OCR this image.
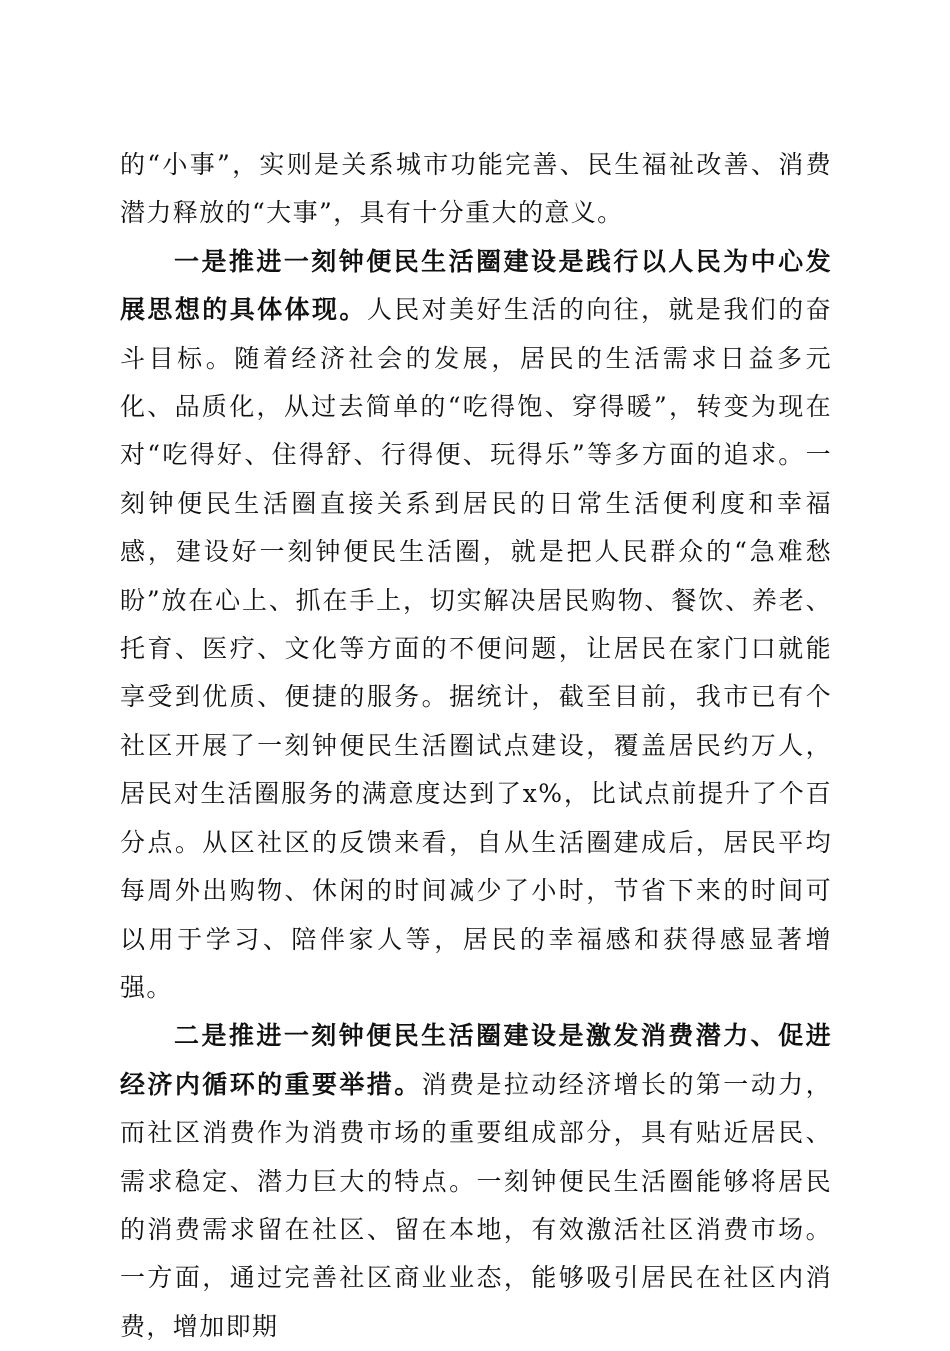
的“小事”，实则是关系城市功能完善、民生福祉改善、消费潜力释放的“大事”，具有十分重大的意义。

一是推进一刻钟便民生活圈建设是践行以人民为中心发展思想的具体体现。人民对美好生活的向往，就是我们的奋斗目标。随着经济社会的发展，居民的生活需求日益多元化、品质化，从过去简单的“吃得饱、穿得暖”，转变为现在对“吃得好、住得舒、行得便、玩得乐”等多方面的追求。一刻钟便民生活圈直接关系到居民的日常生活便利度和幸福感，建设好一刻钟便民生活圈，就是把人民群众的“急难愁盼”放在心上、抓在手上，切实解决居民购物、餐饮、养老、托育、医疗、文化等方面的不便问题，让居民在家门口就能享受到优质、便捷的服务。据统计，截至目前，我市已有个社区开展了一刻钟便民生活圈试点建设，覆盖居民约万人，居民对生活圈服务的满意度达到了x%，比试点前提升了个百分点。从区社区的反馈来看，自从生活圈建成后，居民平均每周外出购物、休闲的时间减少了小时，节省下来的时间可以用于学习、陪伴家人等，居民的幸福感和获得感显著增强。

二是推进一刻钟便民生活圈建设是激发消费潜力、促进经济内循环的重要举措。消费是拉动经济增长的第一动力，而社区消费作为消费市场的重要组成部分，具有贴近居民、需求稳定、潜力巨大的特点。一刻钟便民生活圈能够将居民的消费需求留在社区、留在本地，有效激活社区消费市场。一方面，通过完善社区商业业态，能够吸引居民在社区内消费，增加即期
